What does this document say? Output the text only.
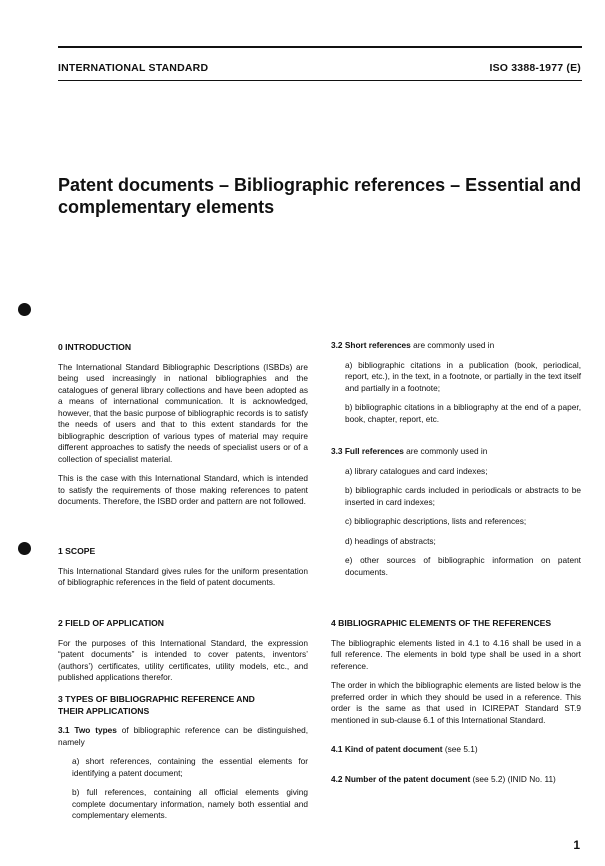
INTERNATIONAL STANDARD	ISO 3388-1977 (E)
Patent documents – Bibliographic references – Essential and
complementary elements
0 INTRODUCTION
The International Standard Bibliographic Descriptions (ISBDs) are being used increasingly in national bibliographies and the catalogues of general library collections and have been adopted as a means of international communication. It is acknowledged, however, that the basic purpose of bibliographic records is to satisfy the needs of users and that to this extent standards for the bibliographic description of various types of material may require different approaches to satisfy the needs of specialist users or of a collection of specialist material.
This is the case with this International Standard, which is intended to satisfy the requirements of those making references to patent documents. Therefore, the ISBD order and pattern are not followed.
1 SCOPE
This International Standard gives rules for the uniform presentation of bibliographic references in the field of patent documents.
2 FIELD OF APPLICATION
For the purposes of this International Standard, the expression “patent documents” is intended to cover patents, inventors’ (authors’) certificates, utility certificates, utility models, etc., and published applications therefor.
3 TYPES OF BIBLIOGRAPHIC REFERENCE AND
THEIR APPLICATIONS
3.1 Two types of bibliographic reference can be distinguished, namely
a) short references, containing the essential elements for identifying a patent document;
b) full references, containing all official elements giving complete documentary information, namely both essential and complementary elements.
3.2 Short references are commonly used in
a) bibliographic citations in a publication (book, periodical, report, etc.), in the text, in a footnote, or partially in the text itself and partially in a footnote;
b) bibliographic citations in a bibliography at the end of a paper, book, chapter, report, etc.
3.3 Full references are commonly used in
a) library catalogues and card indexes;
b) bibliographic cards included in periodicals or abstracts to be inserted in card indexes;
c) bibliographic descriptions, lists and references;
d) headings of abstracts;
e) other sources of bibliographic information on patent documents.
4 BIBLIOGRAPHIC ELEMENTS OF THE REFERENCES
The bibliographic elements listed in 4.1 to 4.16 shall be used in a full reference. The elements in bold type shall be used in a short reference.
The order in which the bibliographic elements are listed below is the preferred order in which they should be used in a reference. This order is the same as that used in ICIREPAT Standard ST.9 mentioned in sub-clause 6.1 of this International Standard.
4.1 Kind of patent document (see 5.1)
4.2 Number of the patent document (see 5.2) (INID No. 11)
1
